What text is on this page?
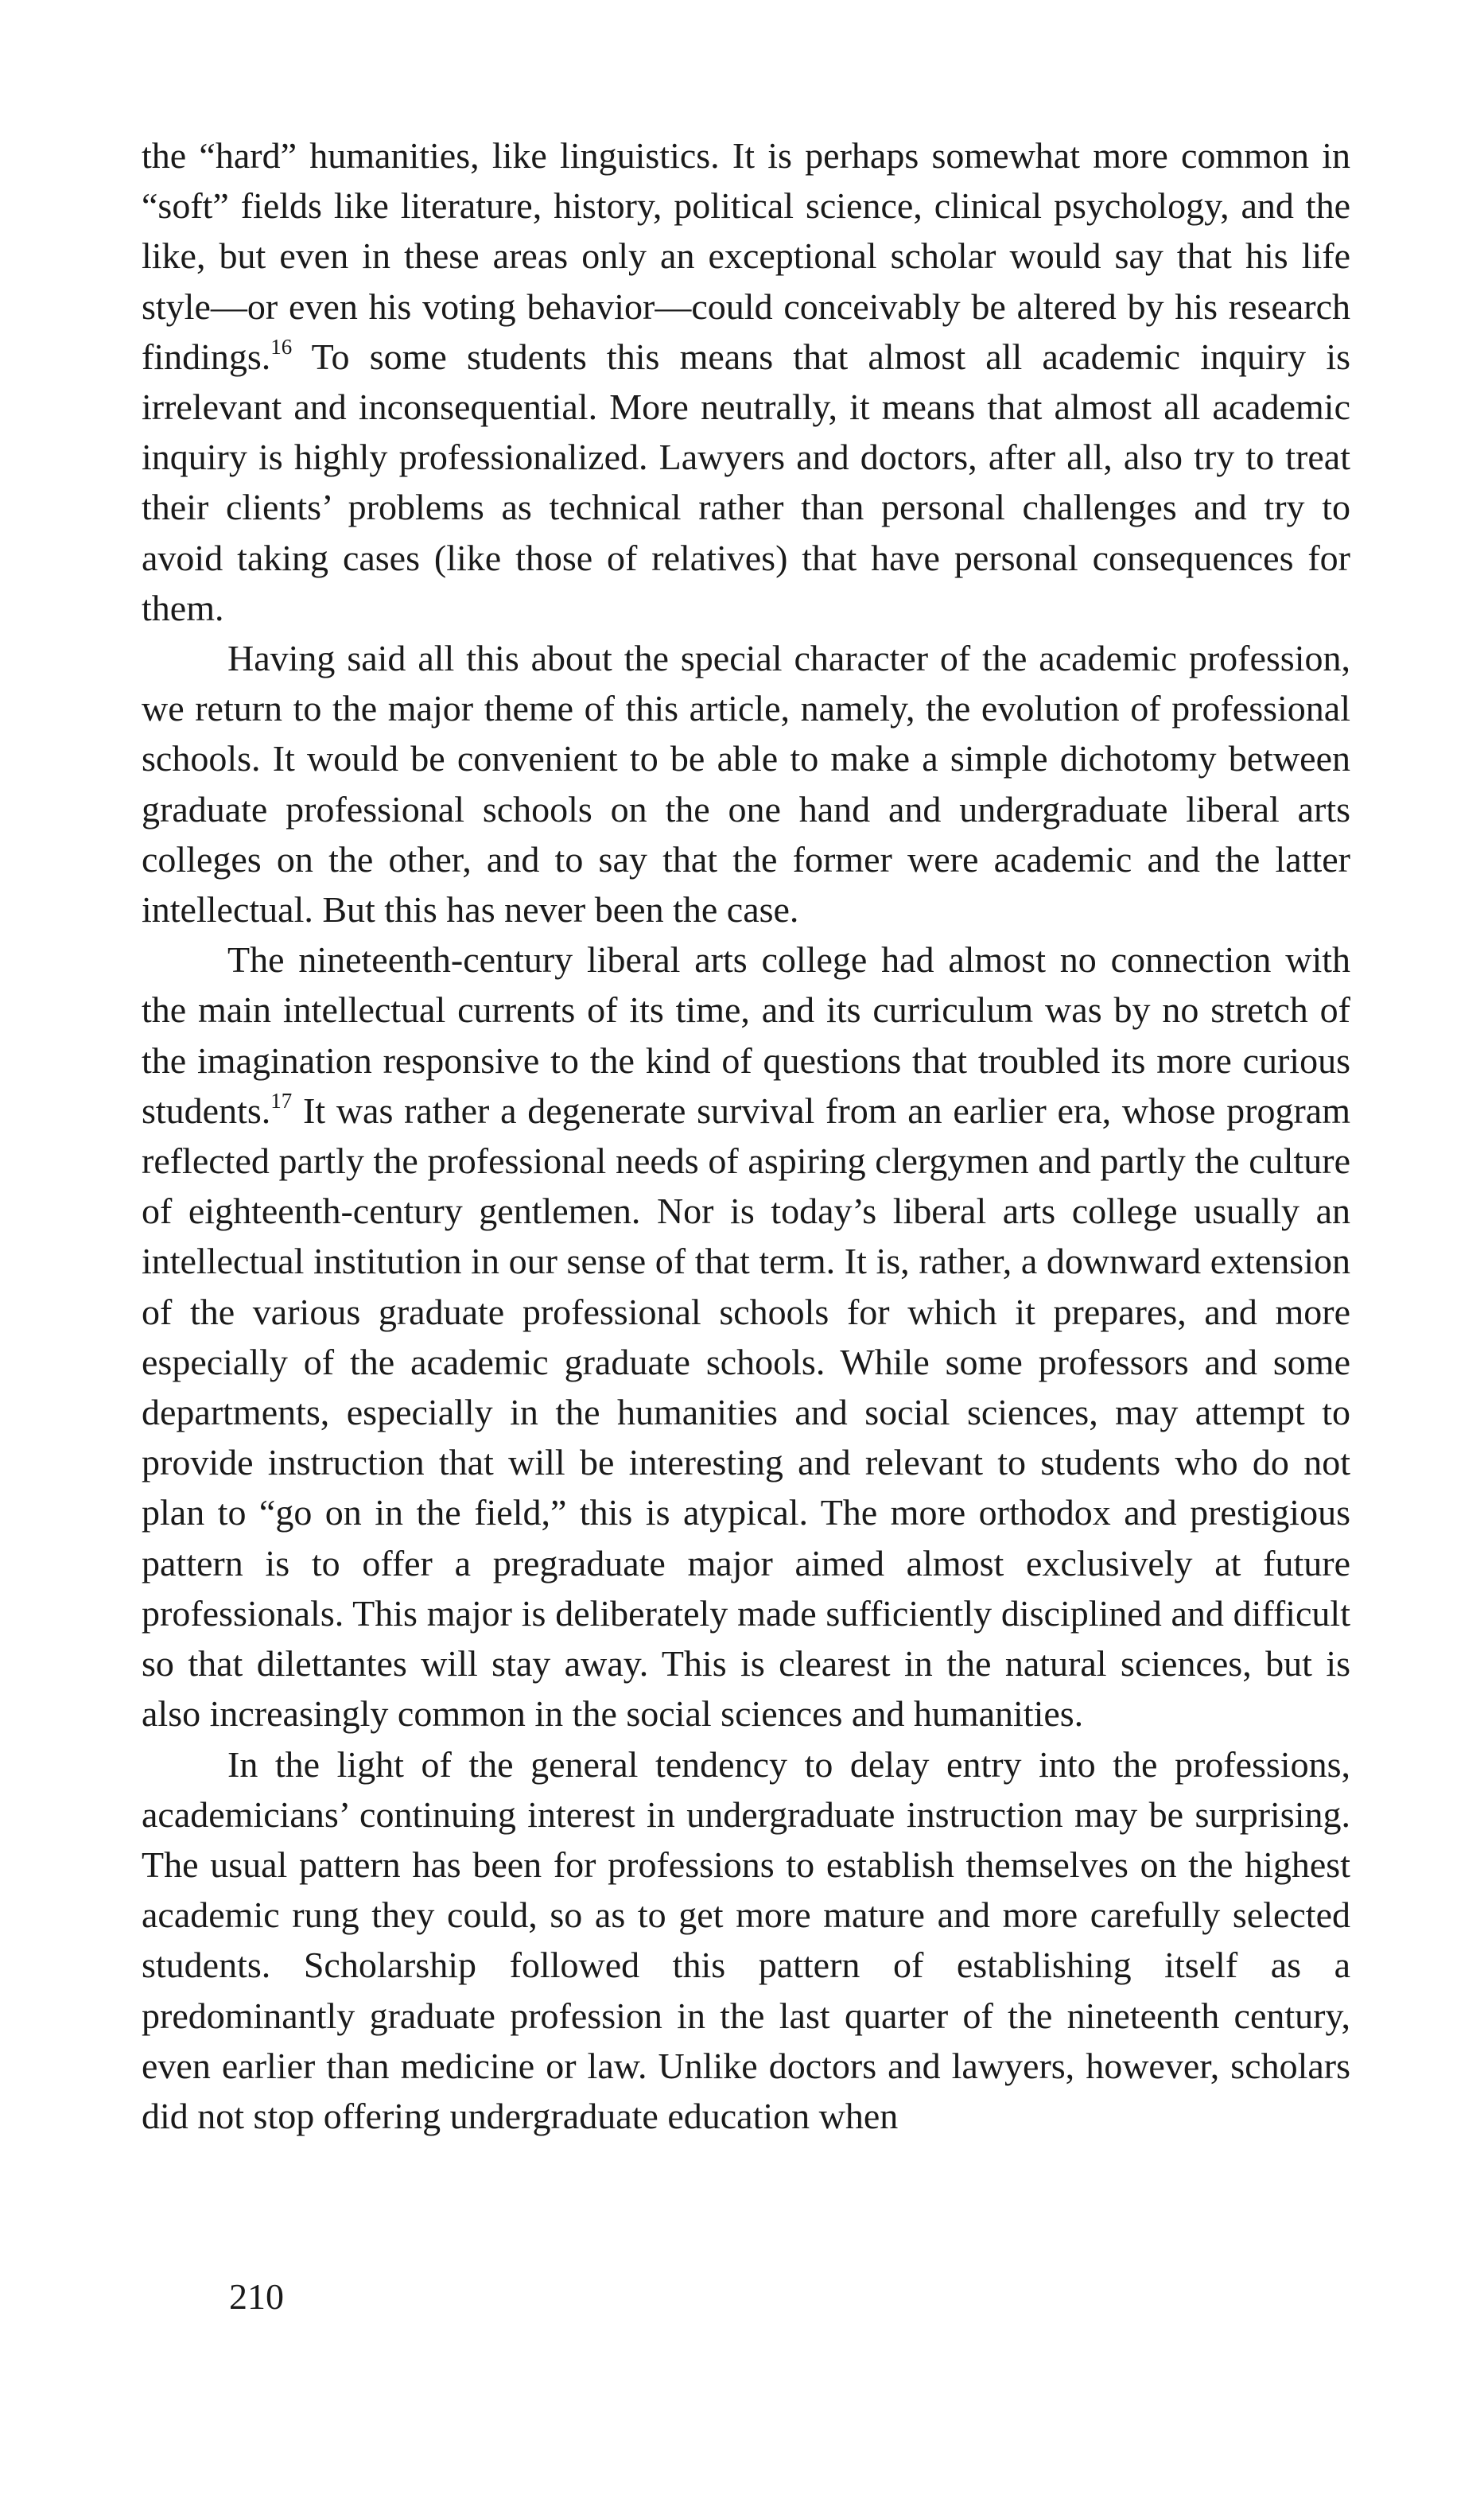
the “hard” humanities, like linguistics. It is perhaps somewhat more common in “soft” fields like literature, history, political science, clinical psychology, and the like, but even in these areas only an exceptional scholar would say that his life style—or even his voting behavior—could conceivably be altered by his research findings.$^{16}$ To some students this means that almost all academic inquiry is irrelevant and inconsequential. More neutrally, it means that almost all academic inquiry is highly professionalized. Lawyers and doctors, after all, also try to treat their clients’ problems as technical rather than personal challenges and try to avoid taking cases (like those of relatives) that have personal consequences for them.

Having said all this about the special character of the academic profession, we return to the major theme of this article, namely, the evolution of professional schools. It would be convenient to be able to make a simple dichotomy between graduate professional schools on the one hand and undergraduate liberal arts colleges on the other, and to say that the former were academic and the latter intellectual. But this has never been the case.

The nineteenth-century liberal arts college had almost no connection with the main intellectual currents of its time, and its curriculum was by no stretch of the imagination responsive to the kind of questions that troubled its more curious students.$^{17}$ It was rather a degenerate survival from an earlier era, whose program reflected partly the professional needs of aspiring clergymen and partly the culture of eighteenth-century gentlemen. Nor is today’s liberal arts college usually an intellectual institution in our sense of that term. It is, rather, a downward extension of the various graduate professional schools for which it prepares, and more especially of the academic graduate schools. While some professors and some departments, especially in the humanities and social sciences, may attempt to provide instruction that will be interesting and relevant to students who do not plan to “go on in the field,” this is atypical. The more orthodox and prestigious pattern is to offer a pregraduate major aimed almost exclusively at future professionals. This major is deliberately made sufficiently disciplined and difficult so that dilettantes will stay away. This is clearest in the natural sciences, but is also increasingly common in the social sciences and humanities.

In the light of the general tendency to delay entry into the professions, academicians’ continuing interest in undergraduate instruction may be surprising. The usual pattern has been for professions to establish themselves on the highest academic rung they could, so as to get more mature and more carefully selected students. Scholarship followed this pattern of establishing itself as a predominantly graduate profession in the last quarter of the nineteenth century, even earlier than medicine or law. Unlike doctors and lawyers, however, scholars did not stop offering undergraduate education when

210
